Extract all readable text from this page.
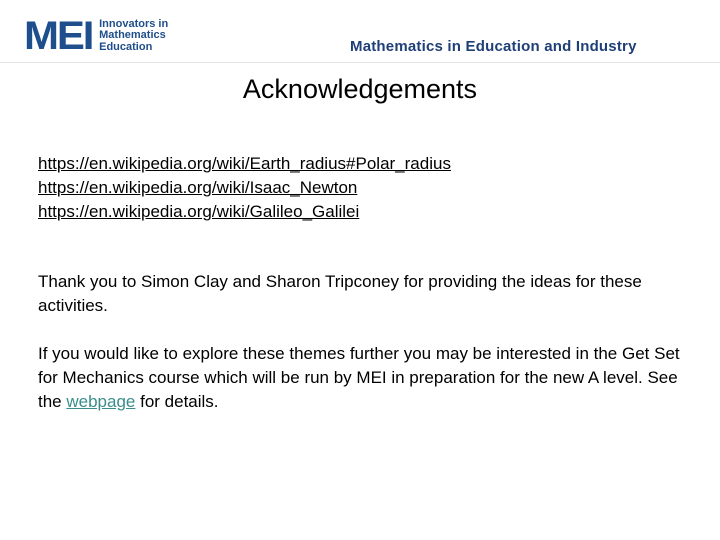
MEI Innovators in
Mathematics
Education	Mathematics in Education and Industry
Acknowledgements
https://en.wikipedia.org/wiki/Earth_radius#Polar_radius
https://en.wikipedia.org/wiki/Isaac_Newton
https://en.wikipedia.org/wiki/Galileo_Galilei
Thank you to Simon Clay and Sharon Tripconey for providing the ideas for these activities.
If you would like to explore these themes further you may be interested in the Get Set for Mechanics course which will be run by MEI in preparation for the new A level. See the webpage for details.
